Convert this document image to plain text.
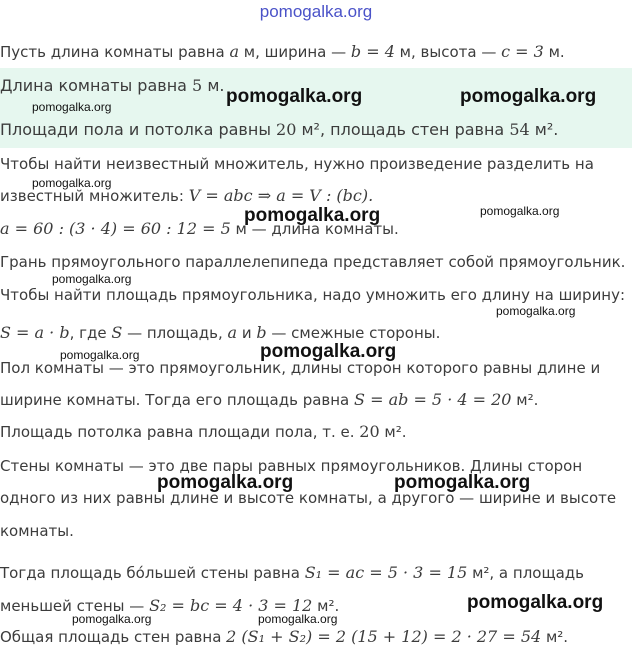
pomogalka.org
Пусть длина комнаты равна a м, ширина — b = 4 м, высота — c = 3 м.
Длина комнаты равна 5 м.
Площади пола и потолка равны 20 м², площадь стен равна 54 м².
Чтобы найти неизвестный множитель, нужно произведение разделить на
известный множитель: V = abc ⇒ a = V : (bc).
a = 60 : (3 · 4) = 60 : 12 = 5 м — длина комнаты.
Грань прямоугольного параллелепипеда представляет собой прямоугольник.
Чтобы найти площадь прямоугольника, надо умножить его длину на ширину:
S = a · b, где S — площадь, a и b — смежные стороны.
Пол комнаты — это прямоугольник, длины сторон которого равны длине и
ширине комнаты. Тогда его площадь равна S = ab = 5 · 4 = 20 м².
Площадь потолка равна площади пола, т. е. 20 м².
Стены комнаты — это две пары равных прямоугольников. Длины сторон
одного из них равны длине и высоте комнаты, а другого — ширине и высоте
комнаты.
Тогда площадь бо́льшей стены равна S₁ = ac = 5 · 3 = 15 м², а площадь
меньшей стены — S₂ = bc = 4 · 3 = 12 м².
Общая площадь стен равна 2 (S₁ + S₂) = 2 (15 + 12) = 2 · 27 = 54 м².
pomogalka.org	pomogalka.org
pomogalka.org
pomogalka.org
pomogalka.org	pomogalka.org
pomogalka.org
pomogalka.org
pomogalka.org	pomogalka.org
pomogalka.org	pomogalka.org
pomogalka.org
pomogalka.org	pomogalka.org
